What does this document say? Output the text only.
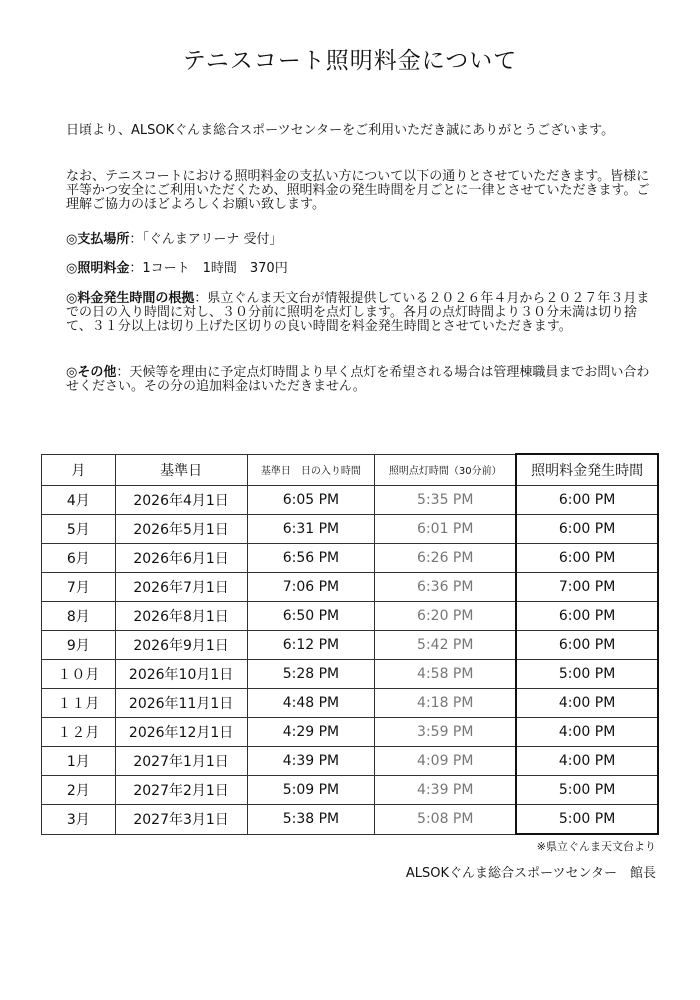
テニスコート照明料金について
日頃より、ALSOKぐんま総合スポーツセンターをご利用いただき誠にありがとうございます。
なお、テニスコートにおける照明料金の支払い方について以下の通りとさせていただきます。皆様に平等かつ安全にご利用いただくため、照明料金の発生時間を月ごとに一律とさせていただきます。ご理解ご協力のほどよろしくお願い致します。
◎支払場所：「ぐんまアリーナ 受付」
◎照明料金：1コート　1時間　370円
◎料金発生時間の根拠：県立ぐんま天文台が情報提供している２０２６年４月から２０２７年３月までの日の入り時間に対し、３０分前に照明を点灯します。各月の点灯時間より３０分未満は切り捨て、３１分以上は切り上げた区切りの良い時間を料金発生時間とさせていただきます。
◎その他：天候等を理由に予定点灯時間より早く点灯を希望される場合は管理棟職員までお問い合わせください。その分の追加料金はいただきません。
月	基準日	基準日　日の入り時間	照明点灯時間（30分前）	照明料金発生時間
4月	2026年4月1日	6:05 PM	5:35 PM	6:00 PM
5月	2026年5月1日	6:31 PM	6:01 PM	6:00 PM
6月	2026年6月1日	6:56 PM	6:26 PM	6:00 PM
7月	2026年7月1日	7:06 PM	6:36 PM	7:00 PM
8月	2026年8月1日	6:50 PM	6:20 PM	6:00 PM
9月	2026年9月1日	6:12 PM	5:42 PM	6:00 PM
１０月	2026年10月1日	5:28 PM	4:58 PM	5:00 PM
１１月	2026年11月1日	4:48 PM	4:18 PM	4:00 PM
１２月	2026年12月1日	4:29 PM	3:59 PM	4:00 PM
1月	2027年1月1日	4:39 PM	4:09 PM	4:00 PM
2月	2027年2月1日	5:09 PM	4:39 PM	5:00 PM
3月	2027年3月1日	5:38 PM	5:08 PM	5:00 PM
※県立ぐんま天文台より
ALSOKぐんま総合スポーツセンター　館長
